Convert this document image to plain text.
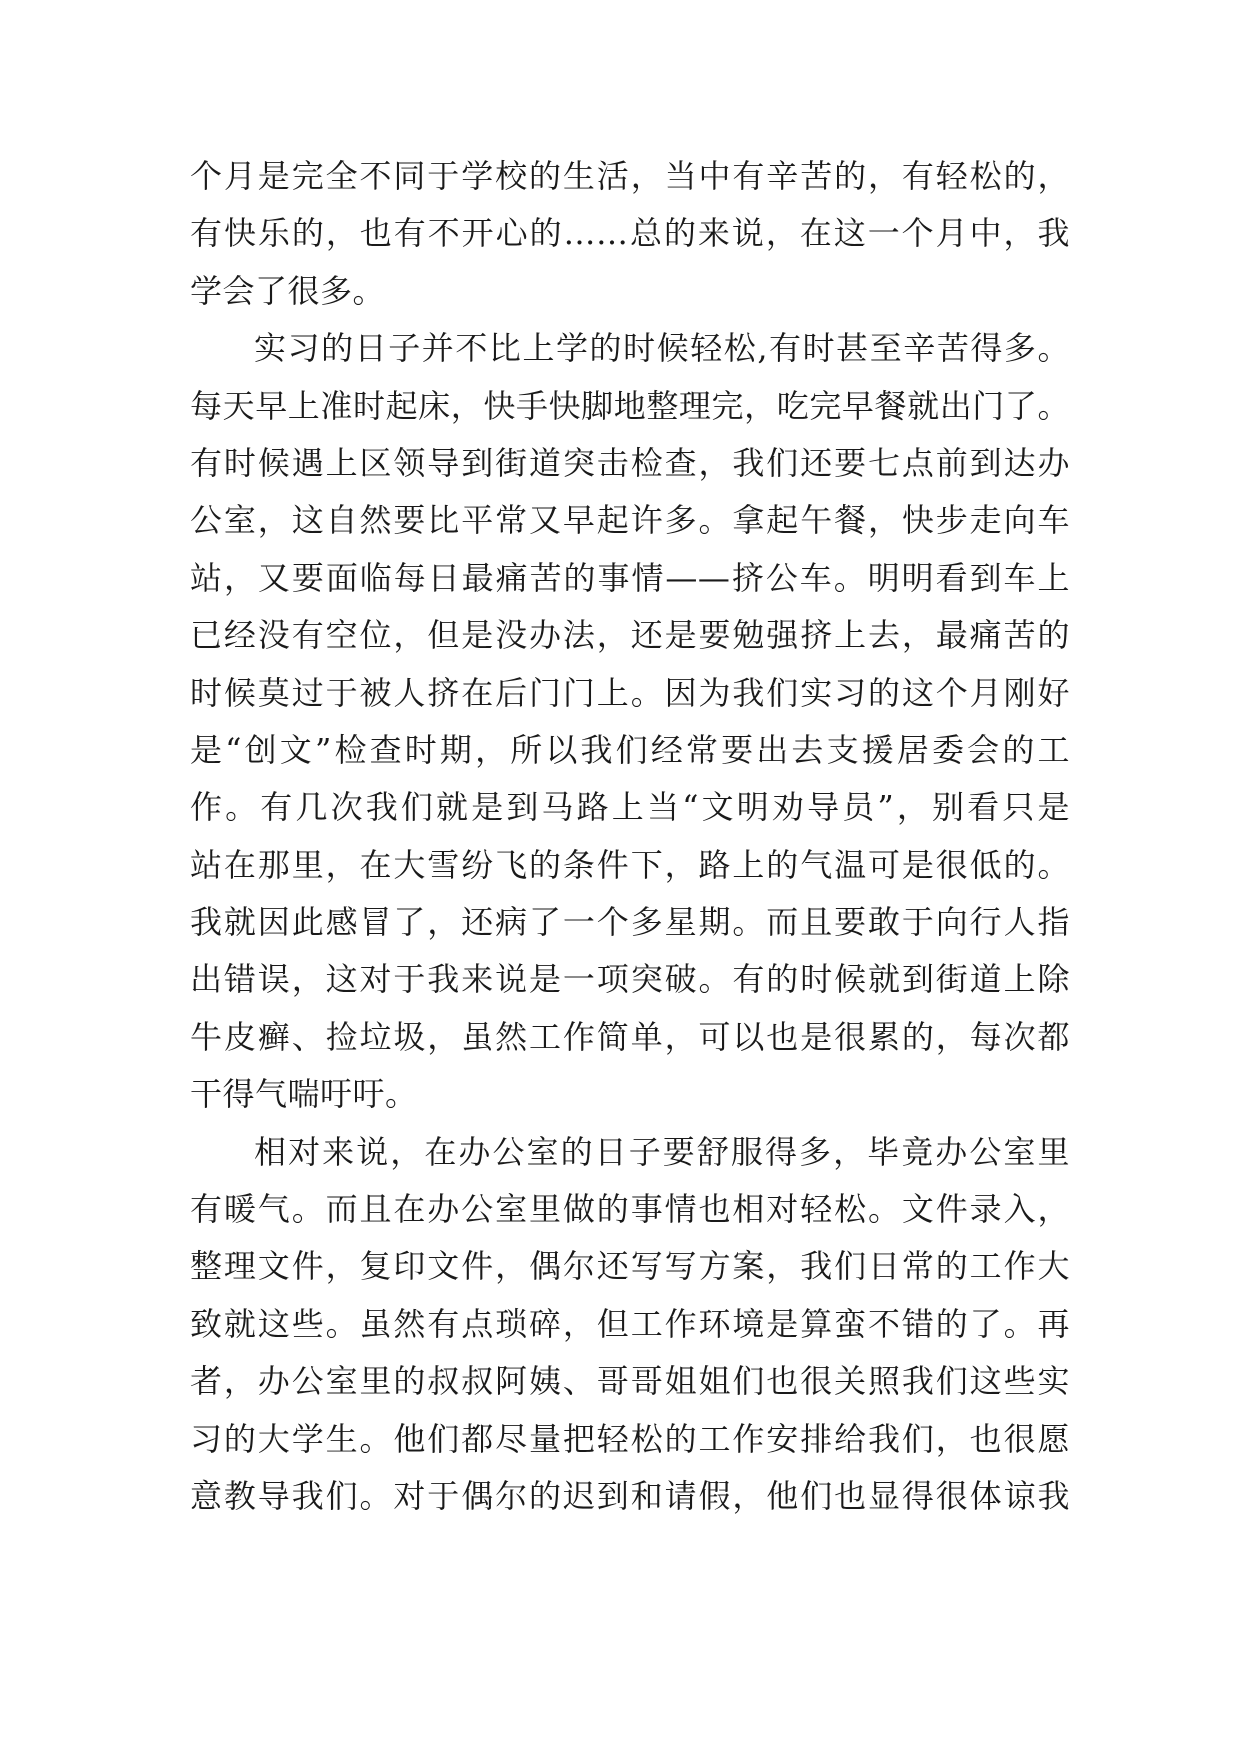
个月是完全不同于学校的生活，当中有辛苦的，有轻松的，
有快乐的，也有不开心的……总的来说，在这一个月中，我
学会了很多。
实习的日子并不比上学的时候轻松,有时甚至辛苦得多。
每天早上准时起床，快手快脚地整理完，吃完早餐就出门了。
有时候遇上区领导到街道突击检查，我们还要七点前到达办
公室，这自然要比平常又早起许多。拿起午餐，快步走向车
站，又要面临每日最痛苦的事情——挤公车。明明看到车上
已经没有空位，但是没办法，还是要勉强挤上去，最痛苦的
时候莫过于被人挤在后门门上。因为我们实习的这个月刚好
是“创文”检查时期，所以我们经常要出去支援居委会的工
作。有几次我们就是到马路上当“文明劝导员”，别看只是
站在那里，在大雪纷飞的条件下，路上的气温可是很低的。
我就因此感冒了，还病了一个多星期。而且要敢于向行人指
出错误，这对于我来说是一项突破。有的时候就到街道上除
牛皮癣、捡垃圾，虽然工作简单，可以也是很累的，每次都
干得气喘吁吁。
相对来说，在办公室的日子要舒服得多，毕竟办公室里
有暖气。而且在办公室里做的事情也相对轻松。文件录入，
整理文件，复印文件，偶尔还写写方案，我们日常的工作大
致就这些。虽然有点琐碎，但工作环境是算蛮不错的了。再
者，办公室里的叔叔阿姨、哥哥姐姐们也很关照我们这些实
习的大学生。他们都尽量把轻松的工作安排给我们，也很愿
意教导我们。对于偶尔的迟到和请假，他们也显得很体谅我
